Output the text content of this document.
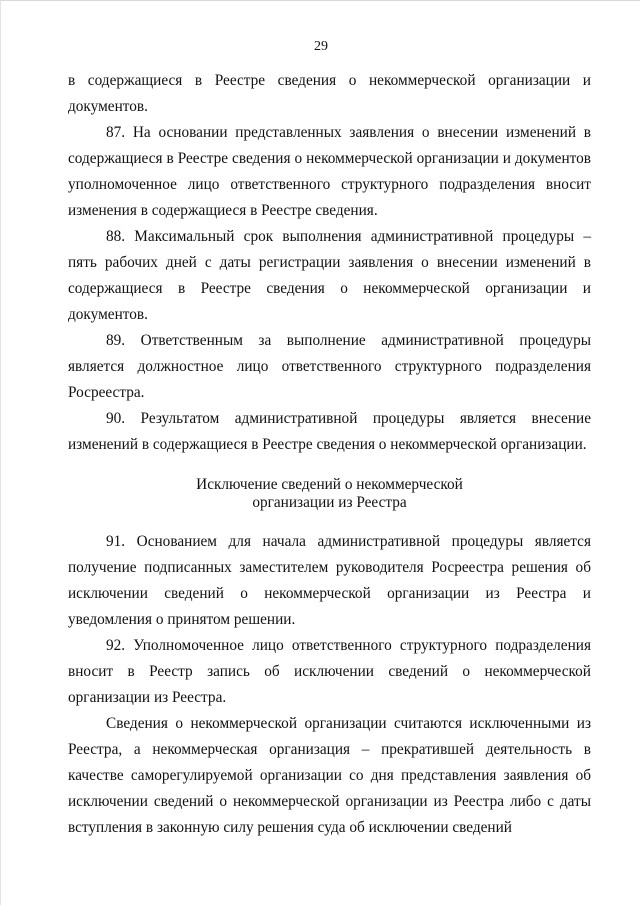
29

в содержащиеся в Реестре сведения о некоммерческой организации и документов.

87. На основании представленных заявления о внесении изменений в содержащиеся в Реестре сведения о некоммерческой организации и документов уполномоченное лицо ответственного структурного подразделения вносит изменения в содержащиеся в Реестре сведения.

88. Максимальный срок выполнения административной процедуры – пять рабочих дней с даты регистрации заявления о внесении изменений в содержащиеся в Реестре сведения о некоммерческой организации и документов.

89. Ответственным за выполнение административной процедуры является должностное лицо ответственного структурного подразделения Росреестра.

90. Результатом административной процедуры является внесение изменений в содержащиеся в Реестре сведения о некоммерческой организации.

Исключение сведений о некоммерческой
организации из Реестра

91. Основанием для начала административной процедуры является получение подписанных заместителем руководителя Росреестра решения об исключении сведений о некоммерческой организации из Реестра и уведомления о принятом решении.

92. Уполномоченное лицо ответственного структурного подразделения вносит в Реестр запись об исключении сведений о некоммерческой организации из Реестра.

Сведения о некоммерческой организации считаются исключенными из Реестра, а некоммерческая организация – прекратившей деятельность в качестве саморегулируемой организации со дня представления заявления об исключении сведений о некоммерческой организации из Реестра либо с даты вступления в законную силу решения суда об исключении сведений
